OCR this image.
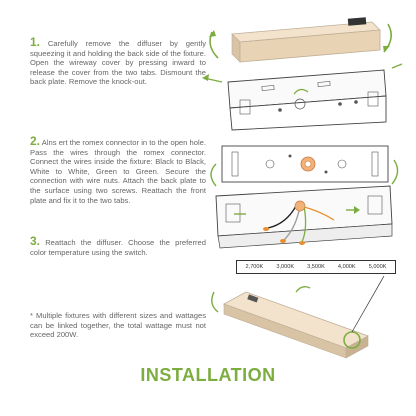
1. Carefully remove the diffuser by gently squeezing it and holding the back side of the fixture. Open the wireway cover by pressing inward to release the cover from the two tabs. Dismount the back plate. Remove the knock-out.
2. Alns ert the romex connector in to the open hole. Pass the wires through the romex connector. Connect the wires inside the fixture: Black to Black, White to White, Green to Green. Secure the connection with wire nuts. Attach the back plate to the surface using two screws. Reattach the front plate and fix it to the two tabs.
3. Reattach the diffuser. Choose the preferred color temperature using the switch.
* Multiple fixtures with different sizes and wattages can be linked together, the total wattage must not exceed 200W.
2,700K 3,000K 3,500K 4,000K 5,000K
INSTALLATION
